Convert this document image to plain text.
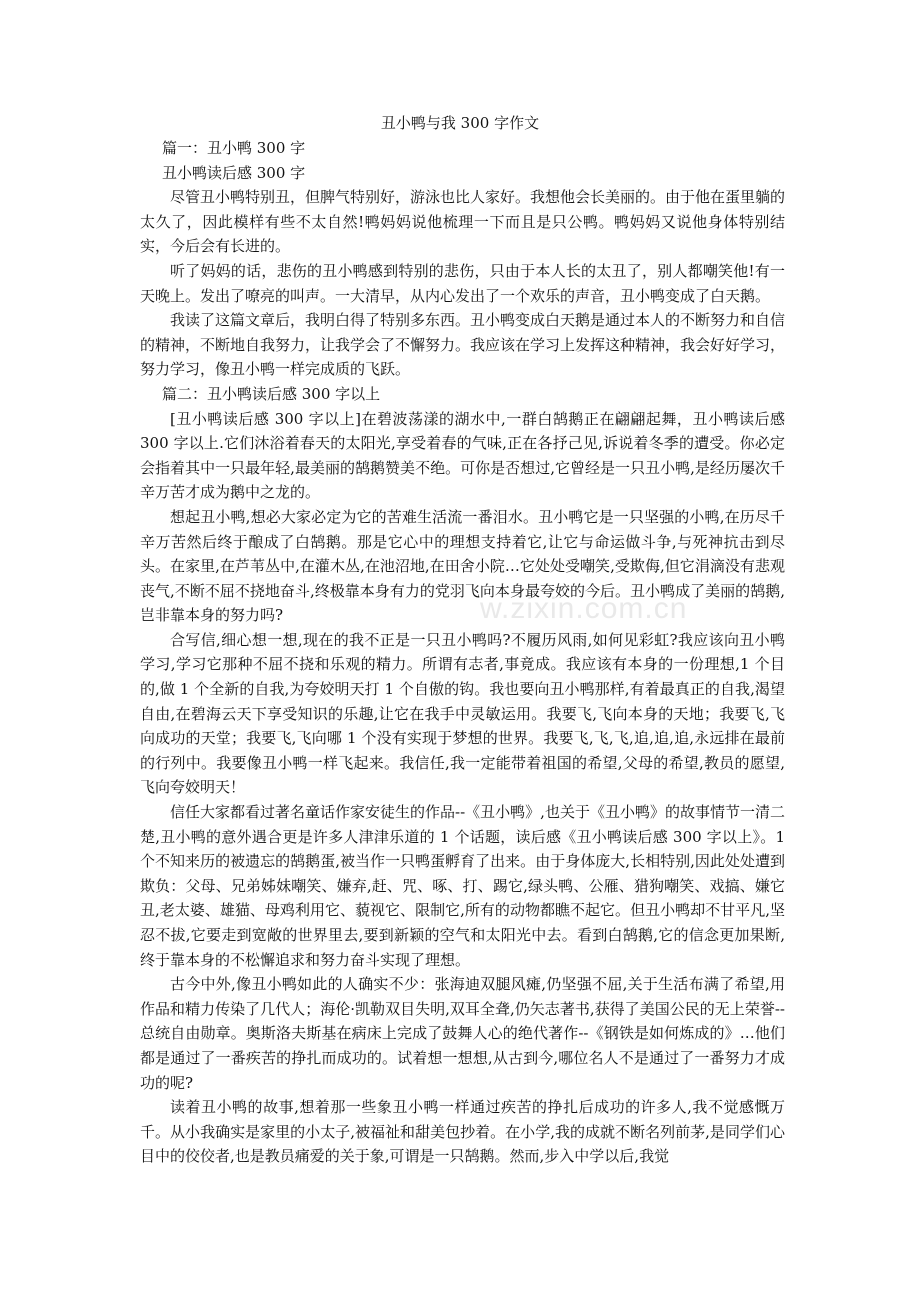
w.zixin.com.cn
丑小鸭与我 300 字作文

篇一：丑小鸭 300 字

丑小鸭读后感 300 字

尽管丑小鸭特别丑，但脾气特别好，游泳也比人家好。我想他会长美丽的。由于他在蛋里躺的太久了，因此模样有些不太自然!鸭妈妈说他梳理一下而且是只公鸭。鸭妈妈又说他身体特别结实，今后会有长进的。

听了妈妈的话，悲伤的丑小鸭感到特别的悲伤，只由于本人长的太丑了，别人都嘲笑他!有一天晚上。发出了嘹亮的叫声。一大清早，从内心发出了一个欢乐的声音，丑小鸭变成了白天鹅。

我读了这篇文章后，我明白得了特别多东西。丑小鸭变成白天鹅是通过本人的不断努力和自信的精神，不断地自我努力，让我学会了不懈努力。我应该在学习上发挥这种精神，我会好好学习，努力学习，像丑小鸭一样完成质的飞跃。

篇二：丑小鸭读后感 300 字以上

[丑小鸭读后感 300 字以上]在碧波荡漾的湖水中,一群白鹄鹅正在翩翩起舞，丑小鸭读后感 300 字以上.它们沐浴着春天的太阳光,享受着春的气味,正在各抒己见,诉说着冬季的遭受。你必定会指着其中一只最年轻,最美丽的鹄鹅赞美不绝。可你是否想过,它曾经是一只丑小鸭,是经历屡次千辛万苦才成为鹅中之龙的。

想起丑小鸭,想必大家必定为它的苦难生活流一番泪水。丑小鸭它是一只坚强的小鸭,在历尽千辛万苦然后终于酿成了白鹄鹅。那是它心中的理想支持着它,让它与命运做斗争,与死神抗击到尽头。在家里,在芦苇丛中,在灌木丛,在池沼地,在田舍小院…它处处受嘲笑,受欺侮,但它涓滴没有悲观丧气,不断不屈不挠地奋斗,终极靠本身有力的党羽飞向本身最夸姣的今后。丑小鸭成了美丽的鹄鹅,岂非靠本身的努力吗?

合写信,细心想一想,现在的我不正是一只丑小鸭吗?不履历风雨,如何见彩虹?我应该向丑小鸭学习,学习它那种不屈不挠和乐观的精力。所谓有志者,事竟成。我应该有本身的一份理想,1 个目的,做 1 个全新的自我,为夸姣明天打 1 个自傲的钩。我也要向丑小鸭那样,有着最真正的自我,渴望自由,在碧海云天下享受知识的乐趣,让它在我手中灵敏运用。我要飞,飞向本身的天地；我要飞,飞向成功的天堂；我要飞,飞向哪 1 个没有实现于梦想的世界。我要飞,飞,飞,追,追,追,永远排在最前的行列中。我要像丑小鸭一样飞起来。我信任,我一定能带着祖国的希望,父母的希望,教员的愿望,飞向夸姣明天！

信任大家都看过著名童话作家安徒生的作品--《丑小鸭》,也关于《丑小鸭》的故事情节一清二楚,丑小鸭的意外遇合更是许多人津津乐道的 1 个话题，读后感《丑小鸭读后感 300 字以上》。1 个不知来历的被遗忘的鹄鹅蛋,被当作一只鸭蛋孵育了出来。由于身体庞大,长相特别,因此处处遭到欺负：父母、兄弟姊妹嘲笑、嫌弃,赶、咒、啄、打、踢它,绿头鸭、公雁、猎狗嘲笑、戏搞、嫌它丑,老太婆、雄猫、母鸡利用它、藐视它、限制它,所有的动物都瞧不起它。但丑小鸭却不甘平凡,坚忍不拔,它要走到宽敞的世界里去,要到新颖的空气和太阳光中去。看到白鹄鹅,它的信念更加果断,终于靠本身的不松懈追求和努力奋斗实现了理想。

古今中外,像丑小鸭如此的人确实不少：张海迪双腿风瘫,仍坚强不屈,关于生活布满了希望,用作品和精力传染了几代人；海伦·凯勒双目失明,双耳全聋,仍矢志著书,获得了美国公民的无上荣誉--总统自由勋章。奥斯洛夫斯基在病床上完成了鼓舞人心的绝代著作--《钢铁是如何炼成的》…他们都是通过了一番疾苦的挣扎而成功的。试着想一想想,从古到今,哪位名人不是通过了一番努力才成功的呢?

读着丑小鸭的故事,想着那一些象丑小鸭一样通过疾苦的挣扎后成功的许多人,我不觉感慨万千。从小我确实是家里的小太子,被福祉和甜美包抄着。在小学,我的成就不断名列前茅,是同学们心目中的佼佼者,也是教员痛爱的关于象,可谓是一只鹄鹅。然而,步入中学以后,我觉
